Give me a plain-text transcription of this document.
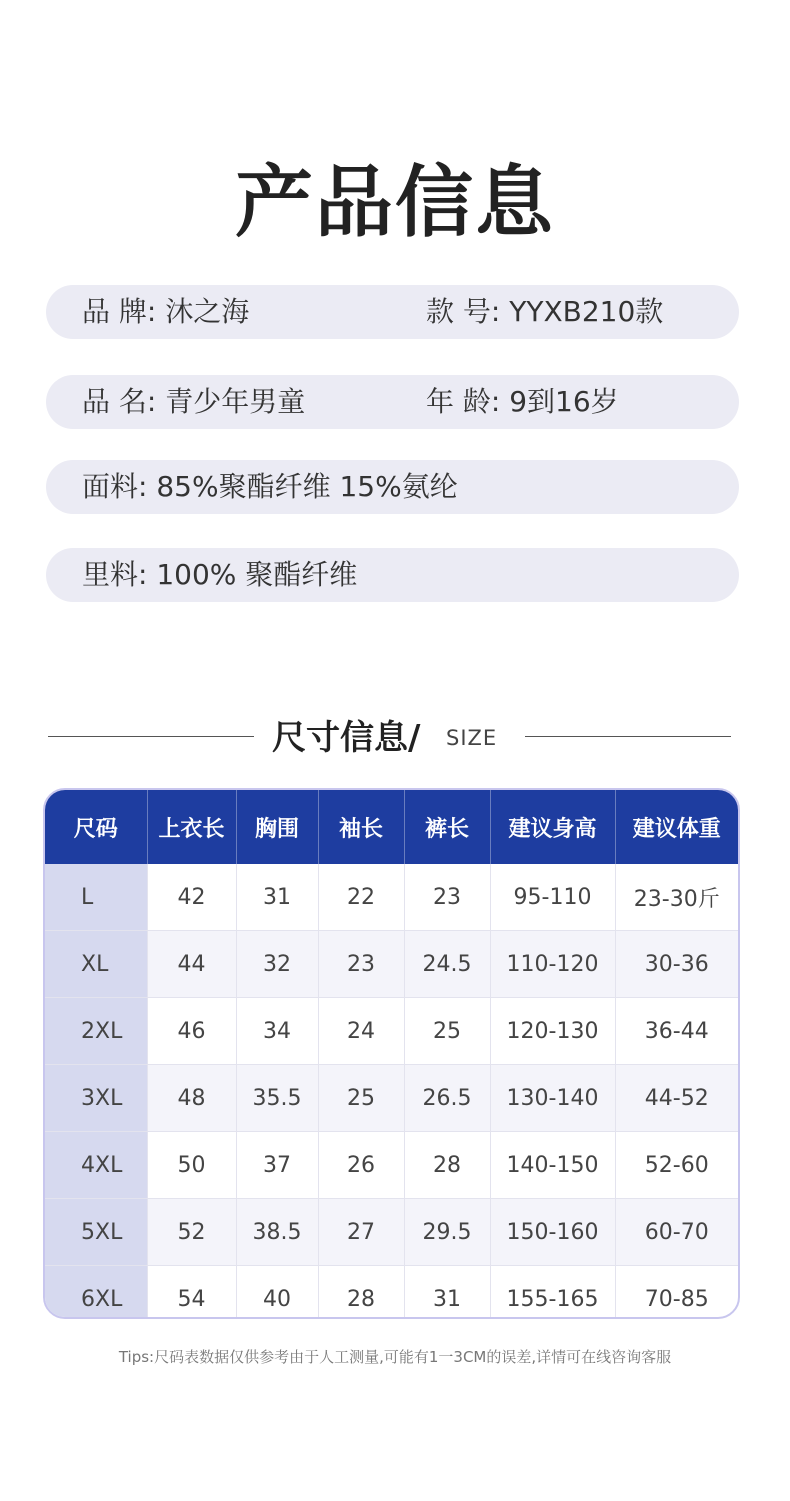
产品信息
品 牌: 沐之海	款 号: YYXB210款
品 名: 青少年男童	年 龄: 9到16岁
面料: 85%聚酯纤维 15%氨纶
里料: 100% 聚酯纤维
尺寸信息/ SIZE
尺码	上衣长	胸围	袖长	裤长	建议身高	建议体重
L	42	31	22	23	95-110	23-30斤
XL	44	32	23	24.5	110-120	30-36
2XL	46	34	24	25	120-130	36-44
3XL	48	35.5	25	26.5	130-140	44-52
4XL	50	37	26	28	140-150	52-60
5XL	52	38.5	27	29.5	150-160	60-70
6XL	54	40	28	31	155-165	70-85
Tips:尺码表数据仅供参考由于人工测量,可能有1一3CM的误差,详情可在线咨询客服
